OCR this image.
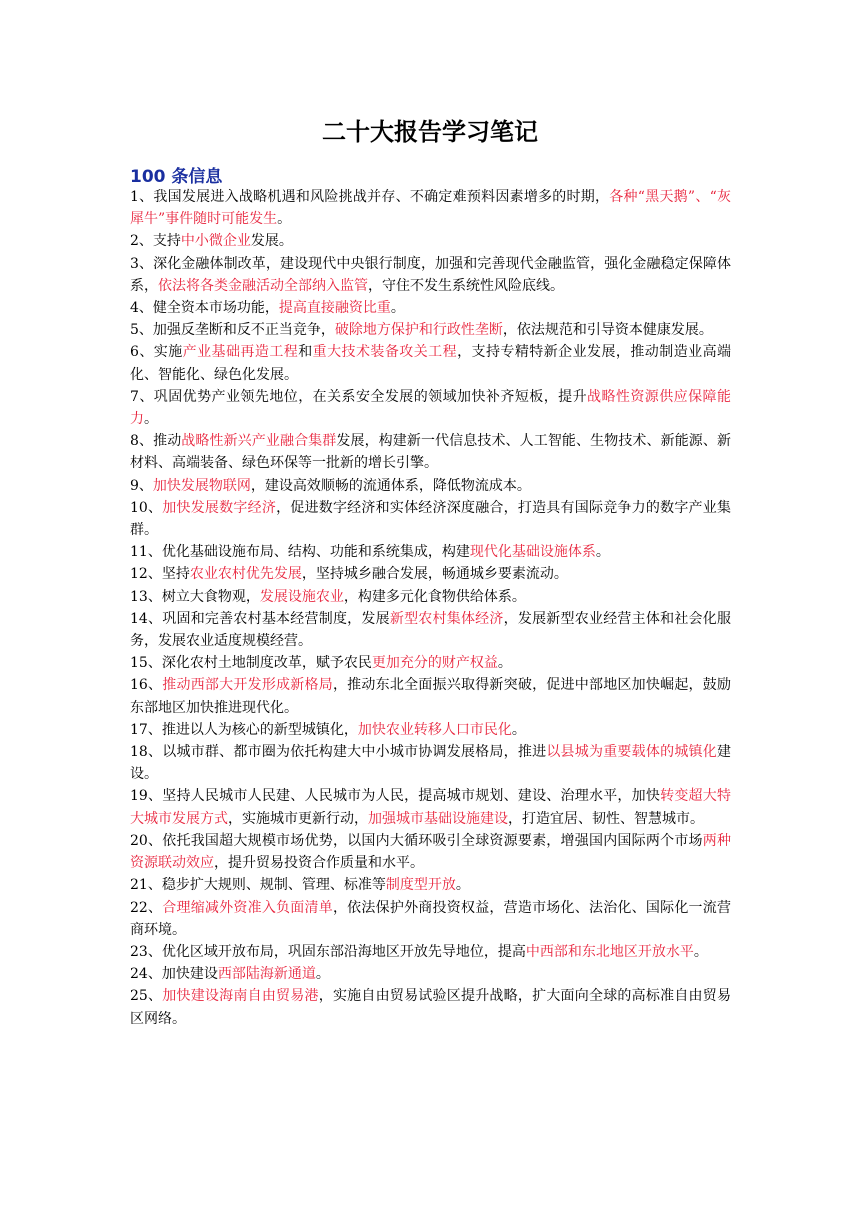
二十大报告学习笔记
100 条信息

1、我国发展进入战略机遇和风险挑战并存、不确定难预料因素增多的时期，各种“黑天鹅”、“灰犀牛”事件随时可能发生。

2、支持中小微企业发展。

3、深化金融体制改革，建设现代中央银行制度，加强和完善现代金融监管，强化金融稳定保障体系，依法将各类金融活动全部纳入监管，守住不发生系统性风险底线。

4、健全资本市场功能，提高直接融资比重。

5、加强反垄断和反不正当竞争，破除地方保护和行政性垄断，依法规范和引导资本健康发展。

6、实施产业基础再造工程和重大技术装备攻关工程，支持专精特新企业发展，推动制造业高端化、智能化、绿色化发展。

7、巩固优势产业领先地位，在关系安全发展的领域加快补齐短板，提升战略性资源供应保障能力。

8、推动战略性新兴产业融合集群发展，构建新一代信息技术、人工智能、生物技术、新能源、新材料、高端装备、绿色环保等一批新的增长引擎。

9、加快发展物联网，建设高效顺畅的流通体系，降低物流成本。

10、加快发展数字经济，促进数字经济和实体经济深度融合，打造具有国际竞争力的数字产业集群。

11、优化基础设施布局、结构、功能和系统集成，构建现代化基础设施体系。

12、坚持农业农村优先发展，坚持城乡融合发展，畅通城乡要素流动。

13、树立大食物观，发展设施农业，构建多元化食物供给体系。

14、巩固和完善农村基本经营制度，发展新型农村集体经济，发展新型农业经营主体和社会化服务，发展农业适度规模经营。

15、深化农村土地制度改革，赋予农民更加充分的财产权益。

16、推动西部大开发形成新格局，推动东北全面振兴取得新突破，促进中部地区加快崛起，鼓励东部地区加快推进现代化。

17、推进以人为核心的新型城镇化，加快农业转移人口市民化。

18、以城市群、都市圈为依托构建大中小城市协调发展格局，推进以县城为重要载体的城镇化建设。

19、坚持人民城市人民建、人民城市为人民，提高城市规划、建设、治理水平，加快转变超大特大城市发展方式，实施城市更新行动，加强城市基础设施建设，打造宜居、韧性、智慧城市。

20、依托我国超大规模市场优势，以国内大循环吸引全球资源要素，增强国内国际两个市场两种资源联动效应，提升贸易投资合作质量和水平。

21、稳步扩大规则、规制、管理、标准等制度型开放。

22、合理缩减外资准入负面清单，依法保护外商投资权益，营造市场化、法治化、国际化一流营商环境。

23、优化区域开放布局，巩固东部沿海地区开放先导地位，提高中西部和东北地区开放水平。

24、加快建设西部陆海新通道。

25、加快建设海南自由贸易港，实施自由贸易试验区提升战略，扩大面向全球的高标准自由贸易区网络。
